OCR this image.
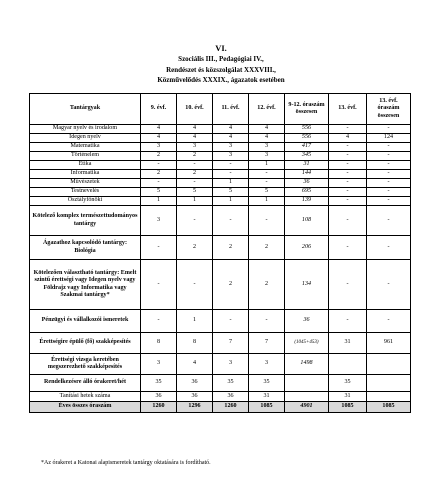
VI.
Szociális III., Pedagógiai IV.,
Rendészet és közszolgálat XXXVIII.,
Közművelődés XXXIX., ágazatok esetében
Tantárgyak	9. évf.	10. évf.	11. évf.	12. évf.	9-12. óraszám összesen	13. évf.	13. évf. óraszám összesen
Magyar nyelv és irodalom	4	4	4	4	556	-	-
Idegen nyelv	4	4	4	4	556	4	124
Matematika	3	3	3	3	417	-	-
Történelem	2	2	3	3	345	-	-
Etika	-	-	-	1	31	-	-
Informatika	2	2	-	-	144	-	-
Művészetek	-	-	1	-	36	-	-
Testnevelés	5	5	5	5	695	-	-
Osztályfőnöki	1	1	1	1	139	-	-
Kötelező komplex természettudományos tantárgy	3	-	-	-	108	-	-
Ágazathoz kapcsolódó tantárgy: Biológia	-	2	2	2	206	-	-
Kötelezően választható tantárgy: Emelt szintű érettségi vagy Idegen nyelv vagy Földrajz vagy Informatika vagy Szakmai tantárgy*	-	-	2	2	134	-	-
Pénzügyi és vállalkozói ismeretek	-	1	-	-	36	-	-
Érettségire épülő (fő) szakképesítés	8	8	7	7	(1045+453)	31	961
Érettségi vizsga keretében megszerezhető szakképesítés	3	4	3	3	1498		
Rendelkezésre álló órakeret/hét	35	36	35	35		35	
Tanítási hetek száma	36	36	36	31		31	
Éves összes óraszám	1260	1296	1260	1085	4901	1085	1085
*Az órakeret a Katonai alapismeretek tantárgy oktatására is fordítható.
